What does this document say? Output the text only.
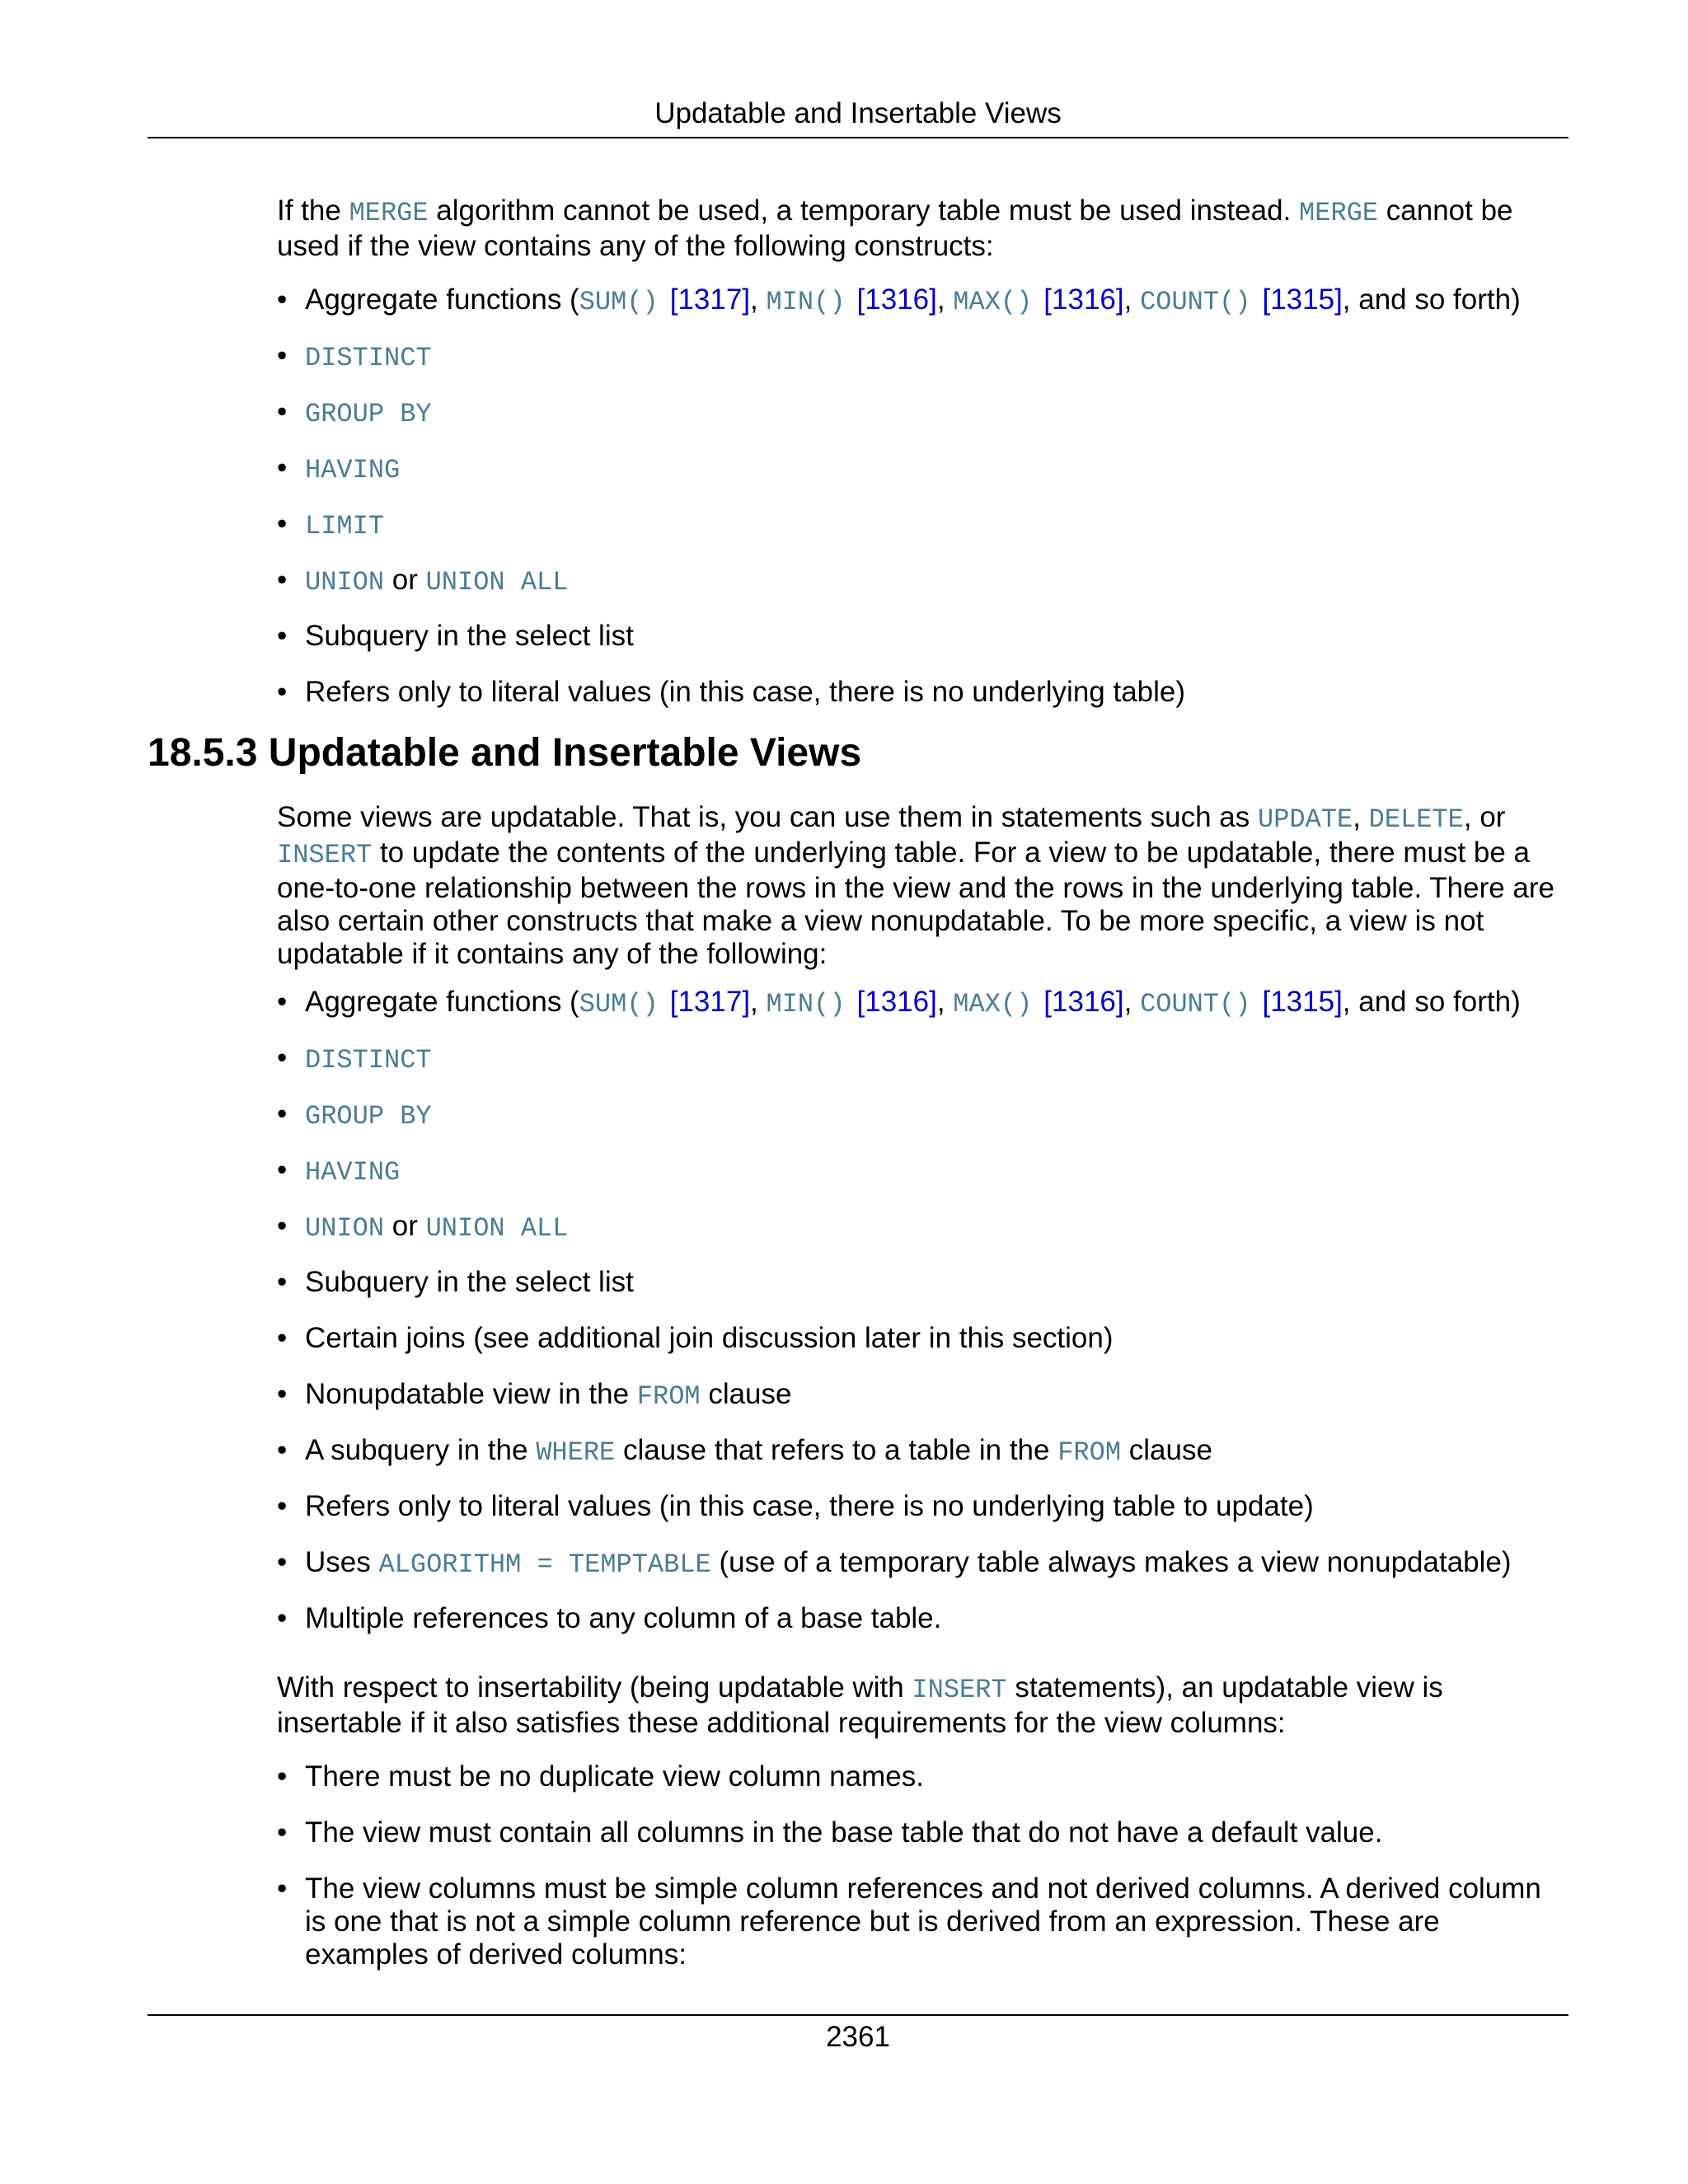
Updatable and Insertable Views

If the MERGE algorithm cannot be used, a temporary table must be used instead. MERGE cannot be used if the view contains any of the following constructs:

• Aggregate functions (SUM() [1317], MIN() [1316], MAX() [1316], COUNT() [1315], and so forth)
• DISTINCT
• GROUP BY
• HAVING
• LIMIT
• UNION or UNION ALL
• Subquery in the select list
• Refers only to literal values (in this case, there is no underlying table)
18.5.3 Updatable and Insertable Views

Some views are updatable. That is, you can use them in statements such as UPDATE, DELETE, or INSERT to update the contents of the underlying table. For a view to be updatable, there must be a one-to-one relationship between the rows in the view and the rows in the underlying table. There are also certain other constructs that make a view nonupdatable. To be more specific, a view is not updatable if it contains any of the following:

• Aggregate functions (SUM() [1317], MIN() [1316], MAX() [1316], COUNT() [1315], and so forth)
• DISTINCT
• GROUP BY
• HAVING
• UNION or UNION ALL
• Subquery in the select list
• Certain joins (see additional join discussion later in this section)
• Nonupdatable view in the FROM clause
• A subquery in the WHERE clause that refers to a table in the FROM clause
• Refers only to literal values (in this case, there is no underlying table to update)
• Uses ALGORITHM = TEMPTABLE (use of a temporary table always makes a view nonupdatable)
• Multiple references to any column of a base table.

With respect to insertability (being updatable with INSERT statements), an updatable view is insertable if it also satisfies these additional requirements for the view columns:

• There must be no duplicate view column names.
• The view must contain all columns in the base table that do not have a default value.
• The view columns must be simple column references and not derived columns. A derived column is one that is not a simple column reference but is derived from an expression. These are examples of derived columns:
2361
